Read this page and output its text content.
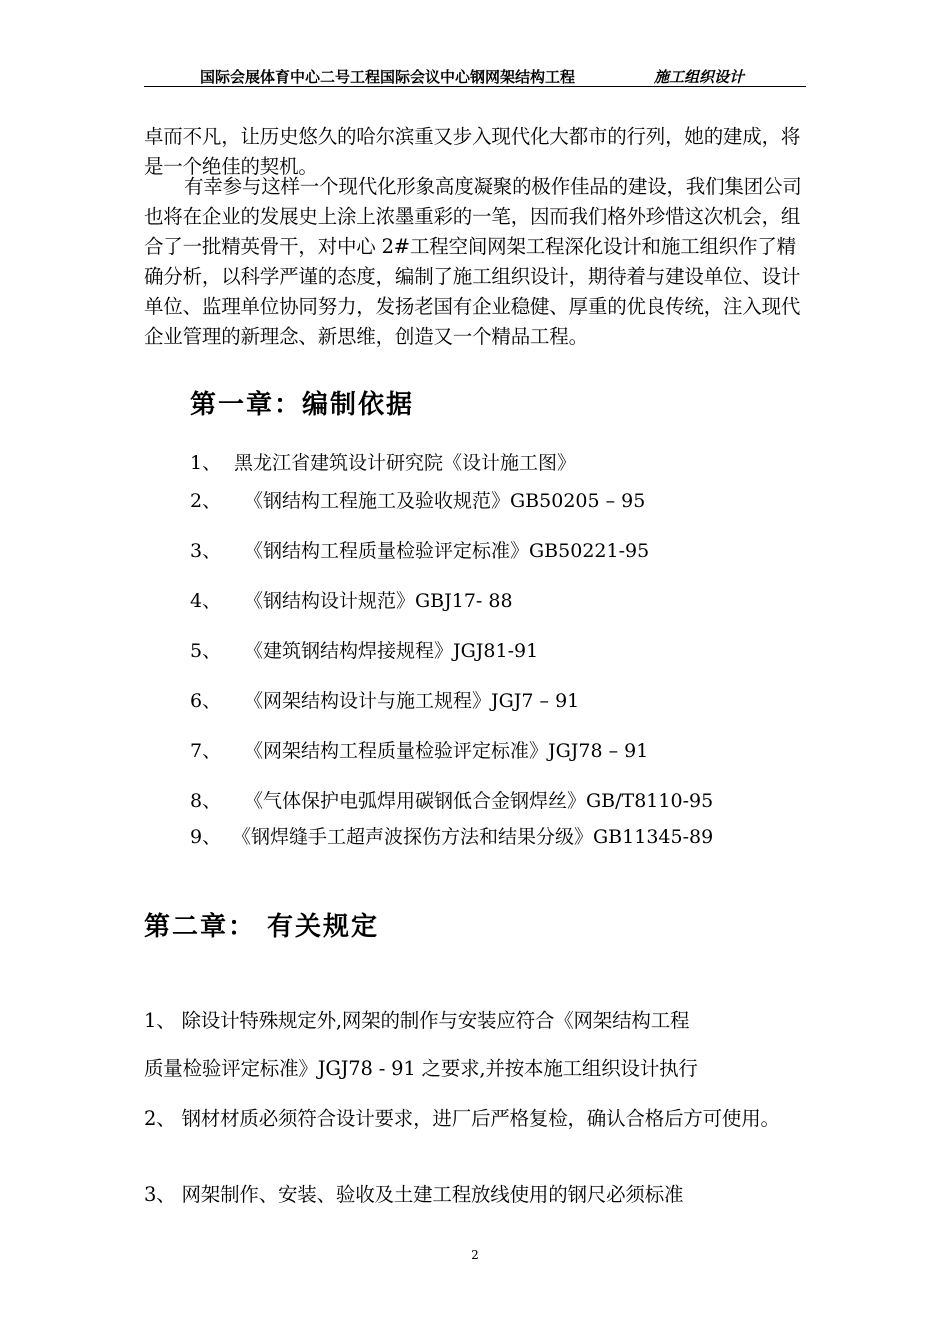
国际会展体育中心二号工程国际会议中心钢网架结构工程	施工组织设计
卓而不凡，让历史悠久的哈尔滨重又步入现代化大都市的行列，她的建成，将是一个绝佳的契机。
有幸参与这样一个现代化形象高度凝聚的极作佳品的建设，我们集团公司也将在企业的发展史上涂上浓墨重彩的一笔，因而我们格外珍惜这次机会，组合了一批精英骨干，对中心 2#工程空间网架工程深化设计和施工组织作了精确分析，以科学严谨的态度，编制了施工组织设计，期待着与建设单位、设计单位、监理单位协同努力，发扬老国有企业稳健、厚重的优良传统，注入现代企业管理的新理念、新思维，创造又一个精品工程。
第一章：编制依据
1、 黑龙江省建筑设计研究院《设计施工图》
2、 《钢结构工程施工及验收规范》GB50205 – 95
3、 《钢结构工程质量检验评定标准》GB50221-95
4、 《钢结构设计规范》GBJ17- 88
5、 《建筑钢结构焊接规程》JGJ81-91
6、 《网架结构设计与施工规程》JGJ7 – 91
7、 《网架结构工程质量检验评定标准》JGJ78 – 91
8、 《气体保护电弧焊用碳钢低合金钢焊丝》GB/T8110-95
9、 《钢焊缝手工超声波探伤方法和结果分级》GB11345-89
第二章： 有关规定
1、 除设计特殊规定外,网架的制作与安装应符合《网架结构工程
质量检验评定标准》JGJ78 - 91 之要求,并按本施工组织设计执行
2、 钢材材质必须符合设计要求，进厂后严格复检，确认合格后方可使用。
3、 网架制作、安装、验收及土建工程放线使用的钢尺必须标准
2
